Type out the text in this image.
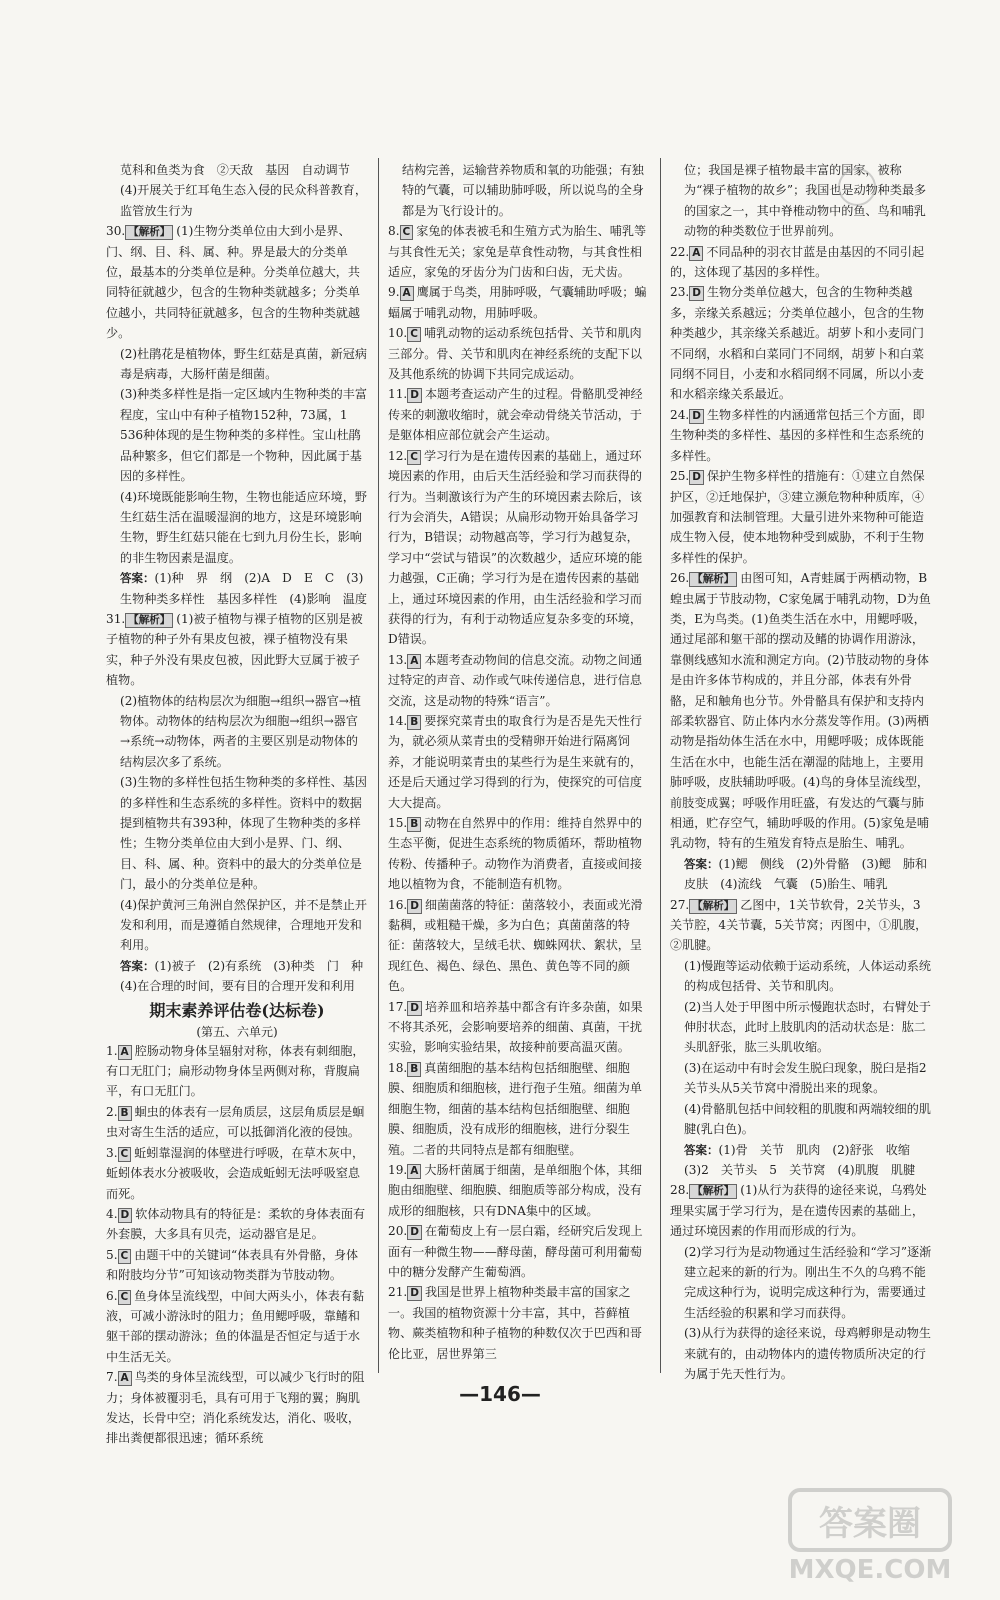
苋科和鱼类为食　②天敌　基因　自动调节　(4)开展关于红耳龟生态入侵的民众科普教育，监管放生行为
30. 【解析】 (1)生物分类单位由大到小是界、门、纲、目、科、属、种。界是最大的分类单位，最基本的分类单位是种。分类单位越大，共同特征就越少，包含的生物种类就越多；分类单位越小，共同特征就越多，包含的生物种类就越少。
(2)杜鹃花是植物体，野生红菇是真菌，新冠病毒是病毒，大肠杆菌是细菌。
(3)种类多样性是指一定区域内生物种类的丰富程度，宝山中有种子植物152种，73属，1 536种体现的是生物种类的多样性。宝山杜鹃品种繁多，但它们都是一个物种，因此属于基因的多样性。
(4)环境既能影响生物，生物也能适应环境，野生红菇生活在温暖湿润的地方，这是环境影响生物，野生红菇只能在七到九月份生长，影响的非生物因素是温度。
答案：(1)种　界　纲　(2)A　D　E　C　(3)生物种类多样性　基因多样性　(4)影响　温度
31. 【解析】 (1)被子植物与裸子植物的区别是被子植物的种子外有果皮包被，裸子植物没有果实，种子外没有果皮包被，因此野大豆属于被子植物。
(2)植物体的结构层次为细胞→组织→器官→植物体。动物体的结构层次为细胞→组织→器官→系统→动物体，两者的主要区别是动物体的结构层次多了系统。
(3)生物的多样性包括生物种类的多样性、基因的多样性和生态系统的多样性。资料中的数据提到植物共有393种，体现了生物种类的多样性；生物分类单位由大到小是界、门、纲、目、科、属、种。资料中的最大的分类单位是门，最小的分类单位是种。
(4)保护黄河三角洲自然保护区，并不是禁止开发和利用，而是遵循自然规律，合理地开发和利用。
答案：(1)被子　(2)有系统　(3)种类　门　种　(4)在合理的时间，要有目的合理开发和利用
期末素养评估卷(达标卷)
(第五、六单元)
1. A 腔肠动物身体呈辐射对称，体表有刺细胞，有口无肛门；扁形动物身体呈两侧对称，背腹扁平，有口无肛门。
2. B 蛔虫的体表有一层角质层，这层角质层是蛔虫对寄生生活的适应，可以抵御消化液的侵蚀。
3. C 蚯蚓靠湿润的体壁进行呼吸，在草木灰中，蚯蚓体表水分被吸收，会造成蚯蚓无法呼吸窒息而死。
4. D 软体动物具有的特征是：柔软的身体表面有外套膜，大多具有贝壳，运动器官是足。
5. C 由题干中的关键词“体表具有外骨骼，身体和附肢均分节”可知该动物类群为节肢动物。
6. C 鱼身体呈流线型，中间大两头小，体表有黏液，可减小游泳时的阻力；鱼用鳃呼吸，靠鳍和躯干部的摆动游泳；鱼的体温是否恒定与适于水中生活无关。
7. A 鸟类的身体呈流线型，可以减少飞行时的阻力；身体被覆羽毛，具有可用于飞翔的翼；胸肌发达，长骨中空；消化系统发达，消化、吸收，排出粪便都很迅速；循环系统
结构完善，运输营养物质和氧的功能强；有独特的气囊，可以辅助肺呼吸，所以说鸟的全身都是为飞行设计的。
8. C 家兔的体表被毛和生殖方式为胎生、哺乳等与其食性无关；家兔是草食性动物，与其食性相适应，家兔的牙齿分为门齿和臼齿，无犬齿。
9. A 鹰属于鸟类，用肺呼吸，气囊辅助呼吸；蝙蝠属于哺乳动物，用肺呼吸。
10. C 哺乳动物的运动系统包括骨、关节和肌肉三部分。骨、关节和肌肉在神经系统的支配下以及其他系统的协调下共同完成运动。
11. D 本题考查运动产生的过程。骨骼肌受神经传来的刺激收缩时，就会牵动骨绕关节活动，于是躯体相应部位就会产生运动。
12. C 学习行为是在遗传因素的基础上，通过环境因素的作用，由后天生活经验和学习而获得的行为。当刺激该行为产生的环境因素去除后，该行为会消失，A错误；从扁形动物开始具备学习行为，B错误；动物越高等，学习行为越复杂，学习中“尝试与错误”的次数越少，适应环境的能力越强，C正确；学习行为是在遗传因素的基础上，通过环境因素的作用，由生活经验和学习而获得的行为，有利于动物适应复杂多变的环境，D错误。
13. A 本题考查动物间的信息交流。动物之间通过特定的声音、动作或气味传递信息，进行信息交流，这是动物的特殊“语言”。
14. B 要探究菜青虫的取食行为是否是先天性行为，就必须从菜青虫的受精卵开始进行隔离饲养，才能说明菜青虫的某些行为是生来就有的，还是后天通过学习得到的行为，使探究的可信度大大提高。
15. B 动物在自然界中的作用：维持自然界中的生态平衡，促进生态系统的物质循环，帮助植物传粉、传播种子。动物作为消费者，直接或间接地以植物为食，不能制造有机物。
16. D 细菌菌落的特征：菌落较小，表面或光滑黏稠，或粗糙干燥，多为白色；真菌菌落的特征：菌落较大，呈绒毛状、蜘蛛网状、絮状，呈现红色、褐色、绿色、黑色、黄色等不同的颜色。
17. D 培养皿和培养基中都含有许多杂菌，如果不将其杀死，会影响要培养的细菌、真菌，干扰实验，影响实验结果，故接种前要高温灭菌。
18. B 真菌细胞的基本结构包括细胞壁、细胞膜、细胞质和细胞核，进行孢子生殖。细菌为单细胞生物，细菌的基本结构包括细胞壁、细胞膜、细胞质，没有成形的细胞核，进行分裂生殖。二者的共同特点是都有细胞壁。
19. A 大肠杆菌属于细菌，是单细胞个体，其细胞由细胞壁、细胞膜、细胞质等部分构成，没有成形的细胞核，只有DNA集中的区域。
20. D 在葡萄皮上有一层白霜，经研究后发现上面有一种微生物——酵母菌，酵母菌可利用葡萄中的糖分发酵产生葡萄酒。
21. D 我国是世界上植物种类最丰富的国家之一。我国的植物资源十分丰富，其中，苔藓植物、蕨类植物和种子植物的种数仅次于巴西和哥伦比亚，居世界第三
位；我国是裸子植物最丰富的国家，被称为“裸子植物的故乡”；我国也是动物种类最多的国家之一，其中脊椎动物中的鱼、鸟和哺乳动物的种类数位于世界前列。
22. A 不同品种的羽衣甘蓝是由基因的不同引起的，这体现了基因的多样性。
23. D 生物分类单位越大，包含的生物种类越多，亲缘关系越远；分类单位越小，包含的生物种类越少，其亲缘关系越近。胡萝卜和小麦同门不同纲，水稻和白菜同门不同纲，胡萝卜和白菜同纲不同目，小麦和水稻同纲不同属，所以小麦和水稻亲缘关系最近。
24. D 生物多样性的内涵通常包括三个方面，即生物种类的多样性、基因的多样性和生态系统的多样性。
25. D 保护生物多样性的措施有：①建立自然保护区，②迁地保护，③建立濒危物种种质库，④加强教育和法制管理。大量引进外来物种可能造成生物入侵，使本地物种受到威胁，不利于生物多样性的保护。
26. 【解析】 由图可知，A青蛙属于两栖动物，B蝗虫属于节肢动物，C家兔属于哺乳动物，D为鱼类，E为鸟类。(1)鱼类生活在水中，用鳃呼吸，通过尾部和躯干部的摆动及鳍的协调作用游泳，靠侧线感知水流和测定方向。(2)节肢动物的身体是由许多体节构成的，并且分部，体表有外骨骼，足和触角也分节。外骨骼具有保护和支持内部柔软器官、防止体内水分蒸发等作用。(3)两栖动物是指幼体生活在水中，用鳃呼吸；成体既能生活在水中，也能生活在潮湿的陆地上，主要用肺呼吸，皮肤辅助呼吸。(4)鸟的身体呈流线型，前肢变成翼；呼吸作用旺盛，有发达的气囊与肺相通，贮存空气，辅助呼吸的作用。(5)家兔是哺乳动物，特有的生殖发育特点是胎生、哺乳。
答案：(1)鳃　侧线　(2)外骨骼　(3)鳃　肺和皮肤　(4)流线　气囊　(5)胎生、哺乳
27. 【解析】 乙图中，1关节软骨，2关节头，3关节腔，4关节囊，5关节窝；丙图中，①肌腹，②肌腱。
(1)慢跑等运动依赖于运动系统，人体运动系统的构成包括骨、关节和肌肉。
(2)当人处于甲图中所示慢跑状态时，右臂处于伸肘状态，此时上肢肌肉的活动状态是：肱二头肌舒张，肱三头肌收缩。
(3)在运动中有时会发生脱臼现象，脱臼是指2关节头从5关节窝中滑脱出来的现象。
(4)骨骼肌包括中间较粗的肌腹和两端较细的肌腱(乳白色)。
答案：(1)骨　关节　肌肉　(2)舒张　收缩　(3)2　关节头　5　关节窝　(4)肌腹　肌腱
28. 【解析】 (1)从行为获得的途径来说，乌鸦处理果实属于学习行为，是在遗传因素的基础上，通过环境因素的作用而形成的行为。
(2)学习行为是动物通过生活经验和“学习”逐渐建立起来的新的行为。刚出生不久的乌鸦不能完成这种行为，说明完成这种行为，需要通过生活经验的积累和学习而获得。
(3)从行为获得的途径来说，母鸡孵卵是动物生来就有的，由动物体内的遗传物质所决定的行为属于先天性行为。
—146—
答案圈
MXQE.COM
